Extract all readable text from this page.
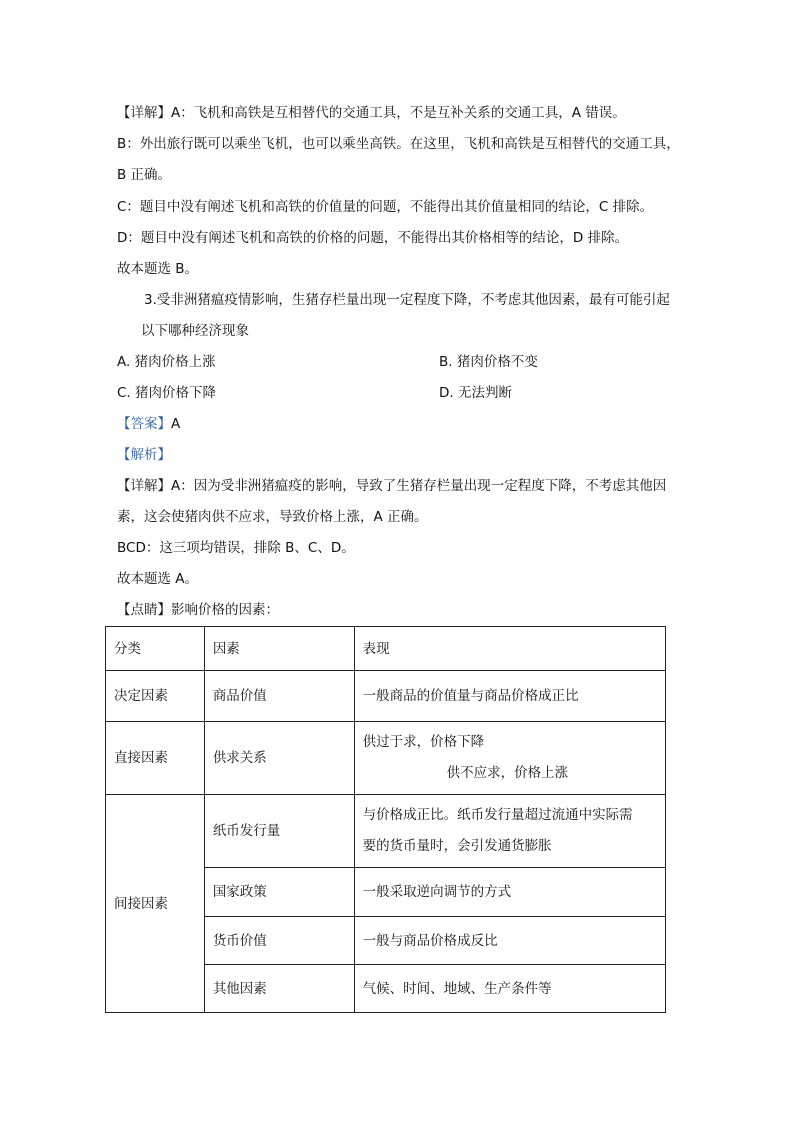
【详解】A：飞机和高铁是互相替代的交通工具，不是互补关系的交通工具，A 错误。
B：外出旅行既可以乘坐飞机，也可以乘坐高铁。在这里，飞机和高铁是互相替代的交通工具，
B 正确。
C：题目中没有阐述飞机和高铁的价值量的问题，不能得出其价值量相同的结论，C 排除。
D：题目中没有阐述飞机和高铁的价格的问题，不能得出其价格相等的结论，D 排除。
故本题选 B。
3.受非洲猪瘟疫情影响，生猪存栏量出现一定程度下降，不考虑其他因素，最有可能引起
以下哪种经济现象
A. 猪肉价格上涨	B. 猪肉价格不变
C. 猪肉价格下降	D. 无法判断
【答案】A
【解析】
【详解】A：因为受非洲猪瘟疫的影响，导致了生猪存栏量出现一定程度下降，不考虑其他因
素，这会使猪肉供不应求，导致价格上涨，A 正确。
BCD：这三项均错误，排除 B、C、D。
故本题选 A。
【点睛】影响价格的因素：
分类	因素	表现
决定因素	商品价值	一般商品的价值量与商品价格成正比
直接因素	供求关系	供过于求，价格下降
供不应求，价格上涨

间接因素	纸币发行量	与价格成正比。纸币发行量超过流通中实际需
要的货币量时，会引发通货膨胀

	国家政策	一般采取逆向调节的方式
	货币价值	一般与商品价格成反比
	其他因素	气候、时间、地域、生产条件等
